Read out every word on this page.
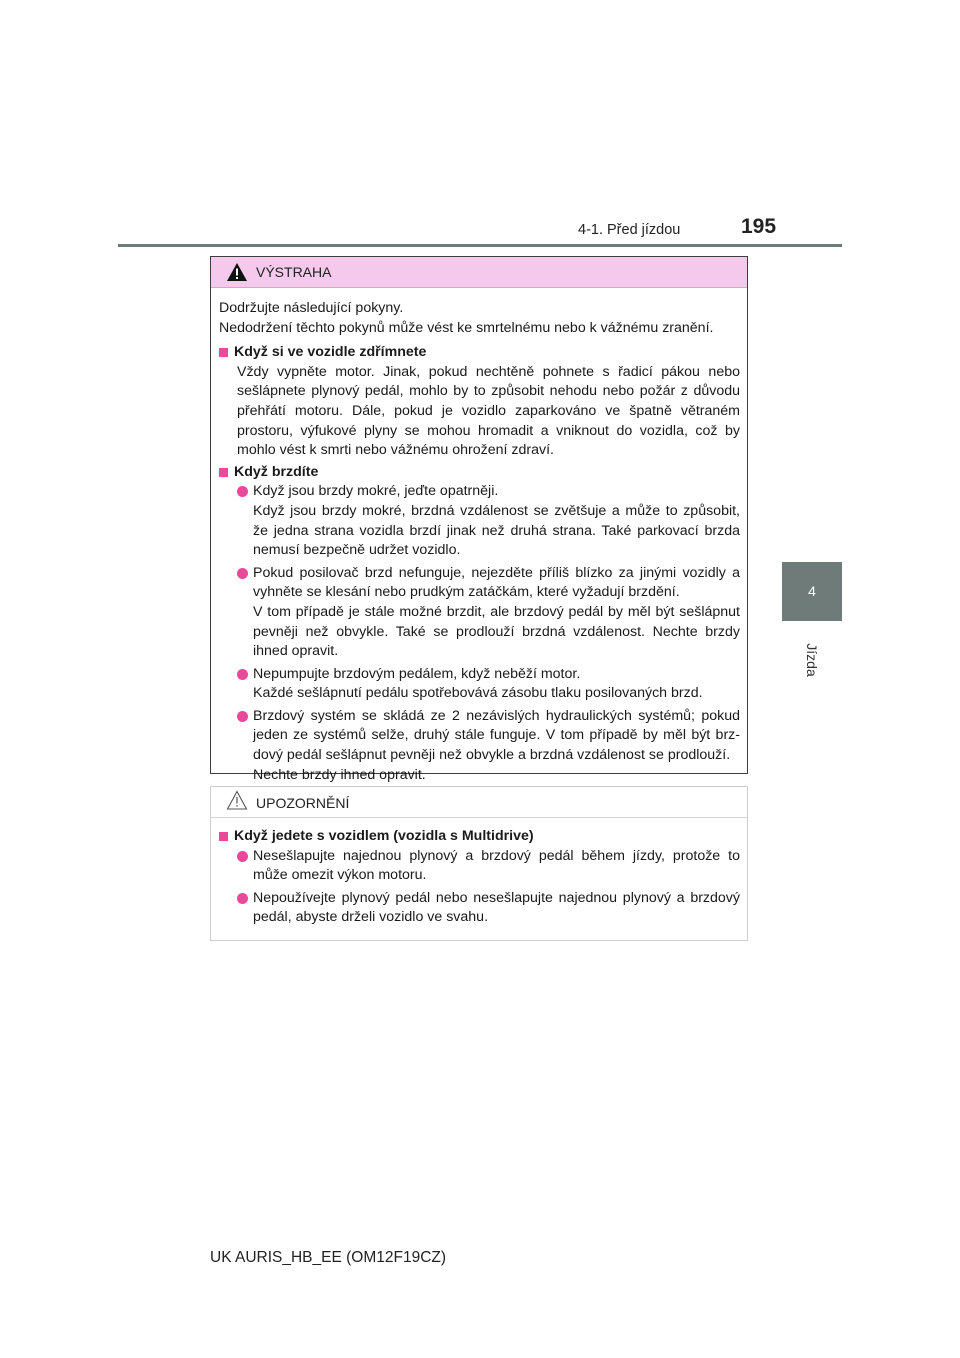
4-1. Před jízdou	195
4
Jízda
VÝSTRAHA

Dodržujte následující pokyny.

Nedodržení těchto pokynů může vést ke smrtelnému nebo k vážnému zranění.

Když si ve vozidle zdřímnete

Vždy vypněte motor. Jinak, pokud nechtěně pohnete s řadicí pákou nebo sešlápnete plynový pedál, mohlo by to způsobit nehodu nebo požár z důvodu přehřátí motoru. Dále, pokud je vozidlo zaparkováno ve špatně větraném prostoru, výfukové plyny se mohou hromadit a vniknout do vozidla, což by mohlo vést k smrti nebo vážnému ohrožení zdraví.

Když brzdíte

Když jsou brzdy mokré, jeďte opatrněji.

Když jsou brzdy mokré, brzdná vzdálenost se zvětšuje a může to způsobit, že jedna strana vozidla brzdí jinak než druhá strana. Také parkovací brzda nemusí bezpečně udržet vozidlo.

Pokud posilovač brzd nefunguje, nejezděte příliš blízko za jinými vozidly a vyhněte se klesání nebo prudkým zatáčkám, které vyžadují brzdění.

V tom případě je stále možné brzdit, ale brzdový pedál by měl být sešlápnut pevněji než obvykle. Také se prodlouží brzdná vzdálenost. Nechte brzdy ihned opravit.

Nepumpujte brzdovým pedálem, když neběží motor.

Každé sešlápnutí pedálu spotřebovává zásobu tlaku posilovaných brzd.

Brzdový systém se skládá ze 2 nezávislých hydraulických systémů; pokud jeden ze systémů selže, druhý stále funguje. V tom případě by měl být brzdový pedál sešlápnut pevněji než obvykle a brzdná vzdálenost se prodlouží.

Nechte brzdy ihned opravit.

UPOZORNĚNÍ
Když jedete s vozidlem (vozidla s Multidrive)

Nesešlapujte najednou plynový a brzdový pedál během jízdy, protože to může omezit výkon motoru.

Nepoužívejte plynový pedál nebo nesešlapujte najednou plynový a brzdový pedál, abyste drželi vozidlo ve svahu.

UK AURIS_HB_EE (OM12F19CZ)
